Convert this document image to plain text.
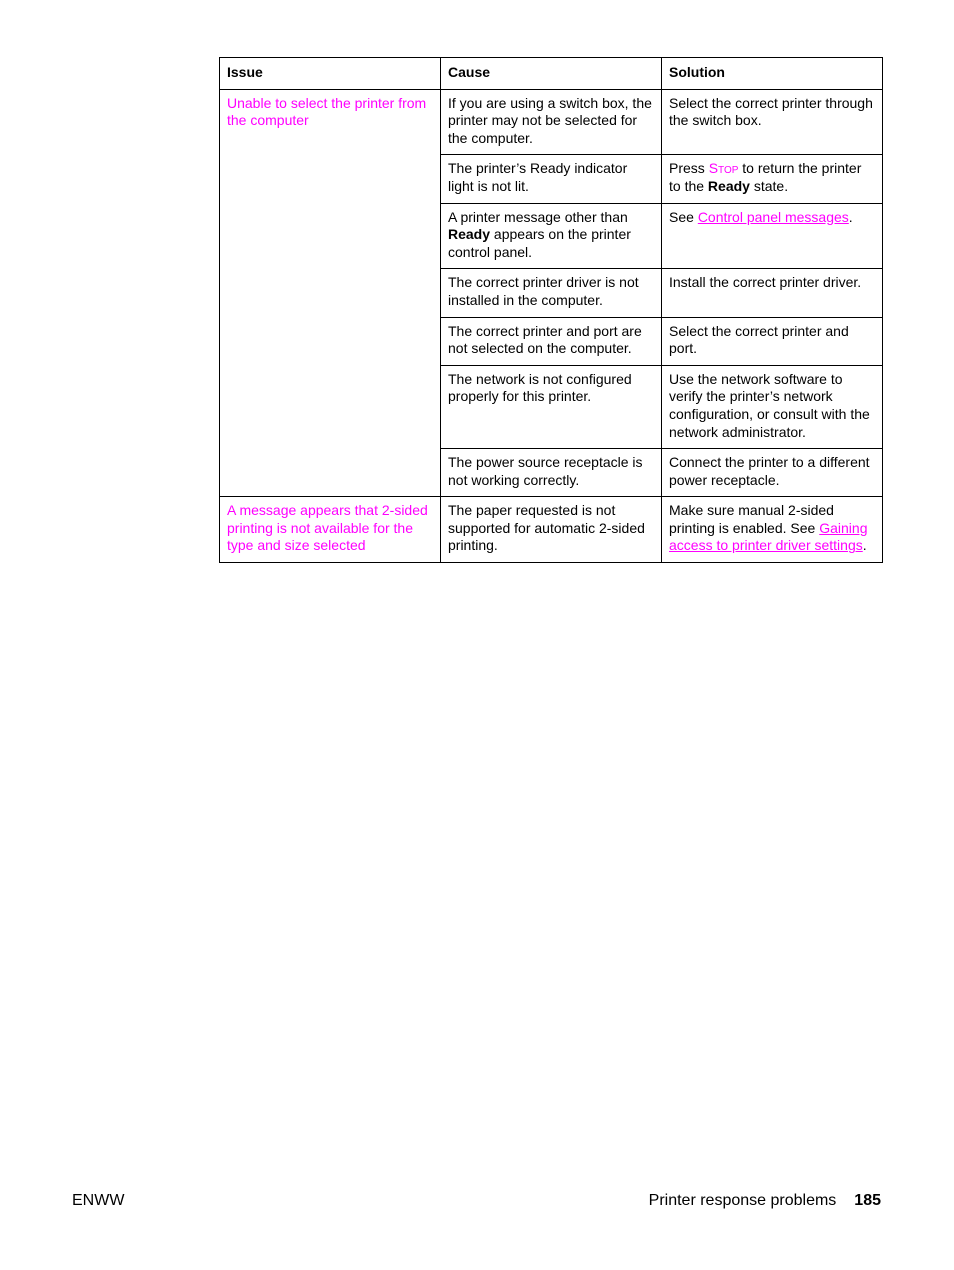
Issue	Cause	Solution
Unable to select the printer from the computer	If you are using a switch box, the printer may not be selected for the computer.	Select the correct printer through the switch box.
	The printer’s Ready indicator light is not lit.	Press Stop to return the printer to the Ready state.
	A printer message other than Ready appears on the printer control panel.	See Control panel messages.
	The correct printer driver is not installed in the computer.	Install the correct printer driver.
	The correct printer and port are not selected on the computer.	Select the correct printer and port.
	The network is not configured properly for this printer.	Use the network software to verify the printer’s network configuration, or consult with the network administrator.
	The power source receptacle is not working correctly.	Connect the printer to a different power receptacle.
A message appears that 2-sided printing is not available for the type and size selected	The paper requested is not supported for automatic 2-sided printing.	Make sure manual 2-sided printing is enabled. See Gaining access to printer driver settings.
ENWW	Printer response problems 185
